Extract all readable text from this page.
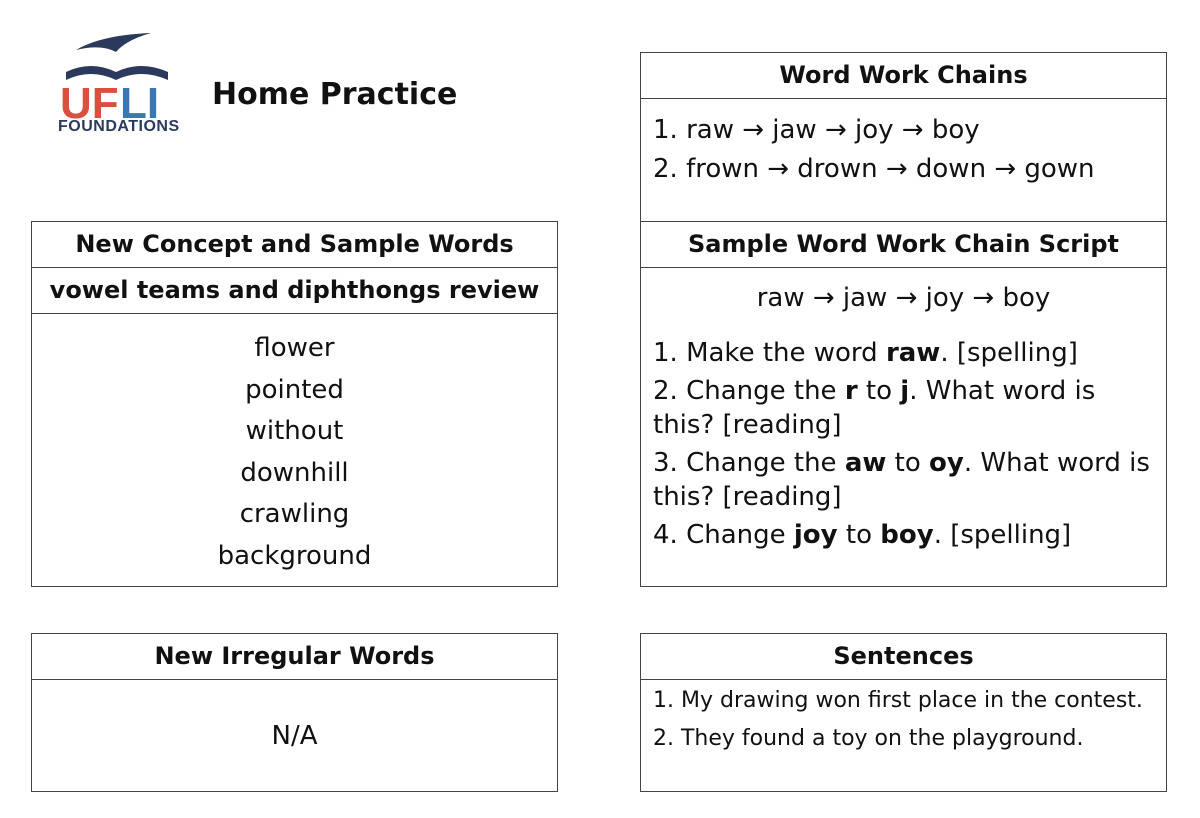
UF LI
FOUNDATIONS
Home Practice
New Concept and Sample Words
vowel teams and diphthongs review
flower
pointed
without
downhill
crawling
background
Word Work Chains
1. raw → jaw → joy → boy
2. frown → drown → down → gown
Sample Word Work Chain Script
raw → jaw → joy → boy
1. Make the word raw. [spelling]
2. Change the r to j. What word is this? [reading]
3. Change the aw to oy. What word is this? [reading]
4. Change joy to boy. [spelling]
New Irregular Words
N/A
Sentences
1. My drawing won first place in the contest.
2. They found a toy on the playground.
